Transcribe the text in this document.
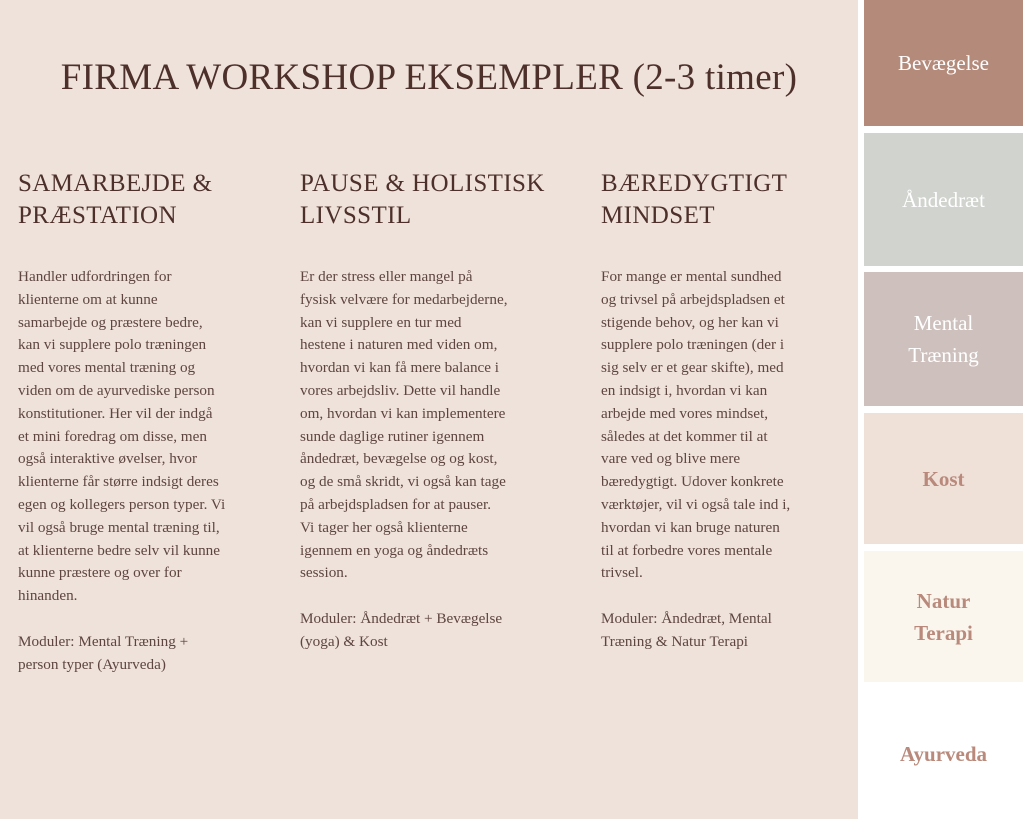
FIRMA WORKSHOP EKSEMPLER (2-3 timer)
SAMARBEJDE &
PRÆSTATION

Handler udfordringen for
klienterne om at kunne
samarbejde og præstere bedre,
kan vi supplere polo træningen
med vores mental træning og
viden om de ayurvediske person
konstitutioner. Her vil der indgå
et mini foredrag om disse, men
også interaktive øvelser, hvor
klienterne får større indsigt deres
egen og kollegers person typer. Vi
vil også bruge mental træning til,
at klienterne bedre selv vil kunne
kunne præstere og over for
hinanden.

Moduler: Mental Træning +
person typer (Ayurveda)

PAUSE & HOLISTISK
LIVSSTIL

Er der stress eller mangel på
fysisk velvære for medarbejderne,
kan vi supplere en tur med
hestene i naturen med viden om,
hvordan vi kan få mere balance i
vores arbejdsliv. Dette vil handle
om, hvordan vi kan implementere
sunde daglige rutiner igennem
åndedræt, bevægelse og og kost,
og de små skridt, vi også kan tage
på arbejdspladsen for at pauser.
Vi tager her også klienterne
igennem en yoga og åndedræts
session.

Moduler: Åndedræt + Bevægelse
(yoga) & Kost

BÆREDYGTIGT
MINDSET

For mange er mental sundhed
og trivsel på arbejdspladsen et
stigende behov, og her kan vi
supplere polo træningen (der i
sig selv er et gear skifte), med
en indsigt i, hvordan vi kan
arbejde med vores mindset,
således at det kommer til at
vare ved og blive mere
bæredygtigt. Udover konkrete
værktøjer, vil vi også tale ind i,
hvordan vi kan bruge naturen
til at forbedre vores mentale
trivsel.

Moduler: Åndedræt, Mental
Træning & Natur Terapi

Bevægelse
Åndedræt
Mental
Træning
Kost
Natur
Terapi
Ayurveda
